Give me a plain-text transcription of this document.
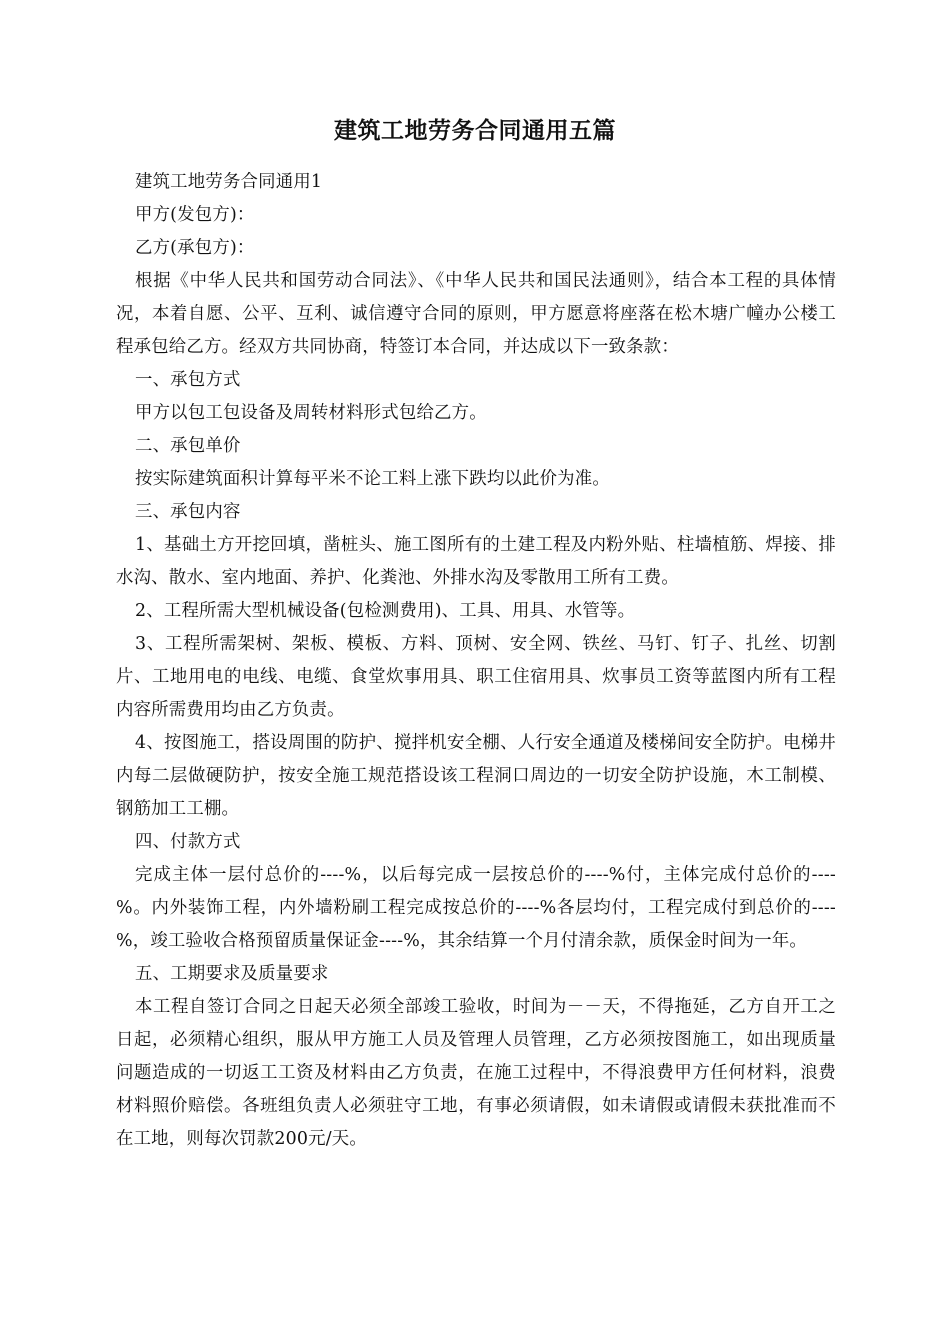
建筑工地劳务合同通用五篇

建筑工地劳务合同通用1

甲方(发包方)：

乙方(承包方)：

根据《中华人民共和国劳动合同法》、《中华人民共和国民法通则》，结合本工程的具体情况，本着自愿、公平、互利、诚信遵守合同的原则，甲方愿意将座落在松木塘广幢办公楼工程承包给乙方。经双方共同协商，特签订本合同，并达成以下一致条款：

一、承包方式

甲方以包工包设备及周转材料形式包给乙方。

二、承包单价

按实际建筑面积计算每平米不论工料上涨下跌均以此价为准。

三、承包内容

1、基础土方开挖回填，凿桩头、施工图所有的土建工程及内粉外贴、柱墙植筋、焊接、排水沟、散水、室内地面、养护、化粪池、外排水沟及零散用工所有工费。

2、工程所需大型机械设备(包检测费用)、工具、用具、水管等。

3、工程所需架树、架板、模板、方料、顶树、安全网、铁丝、马钉、钉子、扎丝、切割片、工地用电的电线、电缆、食堂炊事用具、职工住宿用具、炊事员工资等蓝图内所有工程内容所需费用均由乙方负责。

4、按图施工，搭设周围的防护、搅拌机安全棚、人行安全通道及楼梯间安全防护。电梯井内每二层做硬防护，按安全施工规范搭设该工程洞口周边的一切安全防护设施，木工制模、钢筋加工工棚。

四、付款方式

完成主体一层付总价的----%，以后每完成一层按总价的----%付，主体完成付总价的----%。内外装饰工程，内外墙粉刷工程完成按总价的----%各层均付，工程完成付到总价的----%，竣工验收合格预留质量保证金----%，其余结算一个月付清余款，质保金时间为一年。

五、工期要求及质量要求

本工程自签订合同之日起天必须全部竣工验收，时间为－－天，不得拖延，乙方自开工之日起，必须精心组织，服从甲方施工人员及管理人员管理，乙方必须按图施工，如出现质量问题造成的一切返工工资及材料由乙方负责，在施工过程中，不得浪费甲方任何材料，浪费材料照价赔偿。各班组负责人必须驻守工地，有事必须请假，如未请假或请假未获批准而不在工地，则每次罚款200元/天。
